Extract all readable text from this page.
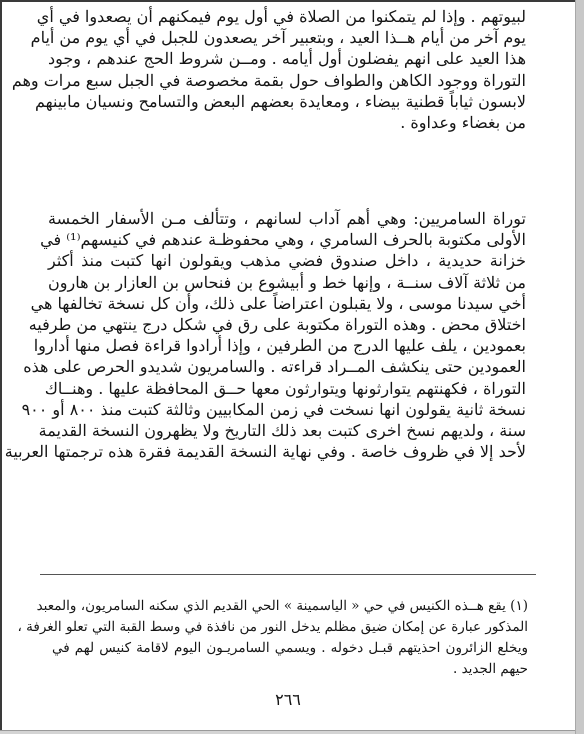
لبيوتهم . وإذا لم يتمكنوا من الصلاة في أول يوم فيمكنهم أن يصعدوا في أي
يوم آخر من أيام هــذا العيد ، وبتعبير آخر يصعدون للجبل في أي يوم من أيام
هذا العيد على انهم يفضلون أول أيامه . ومــن شروط الحج عندهم ، وجود
التوراة ووجود الكاهن والطواف حول بقمة مخصوصة في الجبل سبع مرات وهم
لابسون ثياباً قطنية بيضاء ، ومعايدة بعضهم البعض والتسامح ونسيان مابينهم
من بغضاء وعداوة .
توراة السامريين: وهي أهم آداب لسانهم ، وتتألف مـن الأسفار الخمسة
الأولى مكتوبة بالحرف السامري ، وهي محفوظـة عندهم في كنيسهم⁽¹⁾ في
خزانة حديدية ، داخل صندوق فضي مذهب ويقولون انها كتبت منذ أكثر
من ثلاثة آلاف سنــة ، وإنها خط و أبيشوع بن فنحاس بن العازار بن هارون
أخي سيدنا موسى ، ولا يقبلون اعتراضاً على ذلك، وأن كل نسخة تخالفها هي
اختلاق محض . وهذه التوراة مكتوبة على رق في شكل درج ينتهي من طرفيه
بعمودين ، يلف عليها الدرج من الطرفين ، وإذا أرادوا قراءة فصل منها أداروا
العمودين حتى ينكشف المــراد قراءته . والسامريون شديدو الحرص على هذه
التوراة ، فكهنتهم يتوارثونها ويتوارثون معها حــق المحافظة عليها . وهنــاك
نسخة ثانية يقولون انها نسخت في زمن المكابيين وثالثة كتبت منذ ٨٠٠ أو ٩٠٠
سنة ، ولديهم نسخ اخرى كتبت بعد ذلك التاريخ ولا يظهرون النسخة القديمة
لأحد إلا في ظروف خاصة . وفي نهاية النسخة القديمة فقرة هذه ترجمتها العربية
(١) يقع هــذه الكنيس في حي « الياسمينة » الحي القديم الذي سكنه السامريون، والمعبد
المذكور عبارة عن إمكان ضيق مظلم يدخل النور من نافذة في وسط القبة التي تعلو الغرفة ،
ويخلع الزائرون احذيتهم قبـل دخوله . ويسمي السامريـون اليوم لاقامة كنيس لهم في
حيهم الجديد .
٢٦٦
